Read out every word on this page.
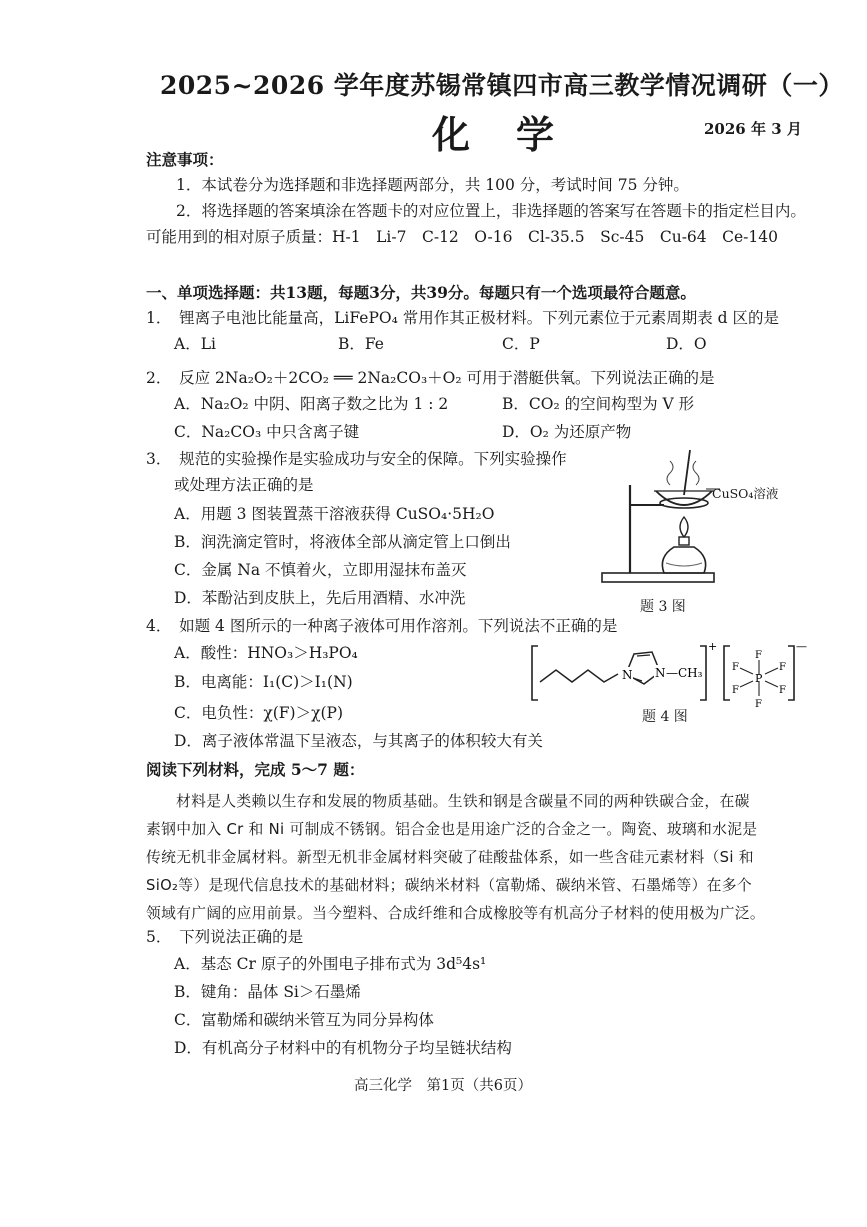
2025~2026 学年度苏锡常镇四市高三教学情况调研（一）
化学	2026 年 3 月
注意事项：
1．本试卷分为选择题和非选择题两部分，共 100 分，考试时间 75 分钟。
2．将选择题的答案填涂在答题卡的对应位置上，非选择题的答案写在答题卡的指定栏目内。
可能用到的相对原子质量：H-1　Li-7　C-12　O-16　Cl-35.5　Sc-45　Cu-64　Ce-140
一、单项选择题：共13题，每题3分，共39分。每题只有一个选项最符合题意。
1．　锂离子电池比能量高，LiFePO₄ 常用作其正极材料。下列元素位于元素周期表 d 区的是
A．Li	B．Fe	C．P	D．O
2．　反应 2Na₂O₂＋2CO₂ ══ 2Na₂CO₃＋O₂ 可用于潜艇供氧。下列说法正确的是
A．Na₂O₂ 中阴、阳离子数之比为 1 : 2	B．CO₂ 的空间构型为 V 形
C．Na₂CO₃ 中只含离子键	D．O₂ 为还原产物
3．　规范的实验操作是实验成功与安全的保障。下列实验操作
或处理方法正确的是
A．用题 3 图装置蒸干溶液获得 CuSO₄·5H₂O
B．润洗滴定管时，将液体全部从滴定管上口倒出
C．金属 Na 不慎着火，立即用湿抹布盖灭
D．苯酚沾到皮肤上，先后用酒精、水冲洗
CuSO₄溶液
题 3 图
4．　如题 4 图所示的一种离子液体可用作溶剂。下列说法不正确的是
A．酸性：HNO₃＞H₃PO₄
B．电离能：I₁(C)＞I₁(N)
C．电负性：χ(F)＞χ(P)
D．离子液体常温下呈液态，与其离子的体积较大有关
N N —CH₃
+	—
P
F
F
F	F
F	F
题 4 图
阅读下列材料，完成 5～7 题：
材料是人类赖以生存和发展的物质基础。生铁和钢是含碳量不同的两种铁碳合金，在碳
素钢中加入 Cr 和 Ni 可制成不锈钢。铝合金也是用途广泛的合金之一。陶瓷、玻璃和水泥是
传统无机非金属材料。新型无机非金属材料突破了硅酸盐体系，如一些含硅元素材料（Si 和
SiO₂等）是现代信息技术的基础材料；碳纳米材料（富勒烯、碳纳米管、石墨烯等）在多个
领域有广阔的应用前景。当今塑料、合成纤维和合成橡胶等有机高分子材料的使用极为广泛。
5．　下列说法正确的是
A．基态 Cr 原子的外围电子排布式为 3d⁵4s¹
B．键角：晶体 Si＞石墨烯
C．富勒烯和碳纳米管互为同分异构体
D．有机高分子材料中的有机物分子均呈链状结构
高三化学　第1页（共6页）
